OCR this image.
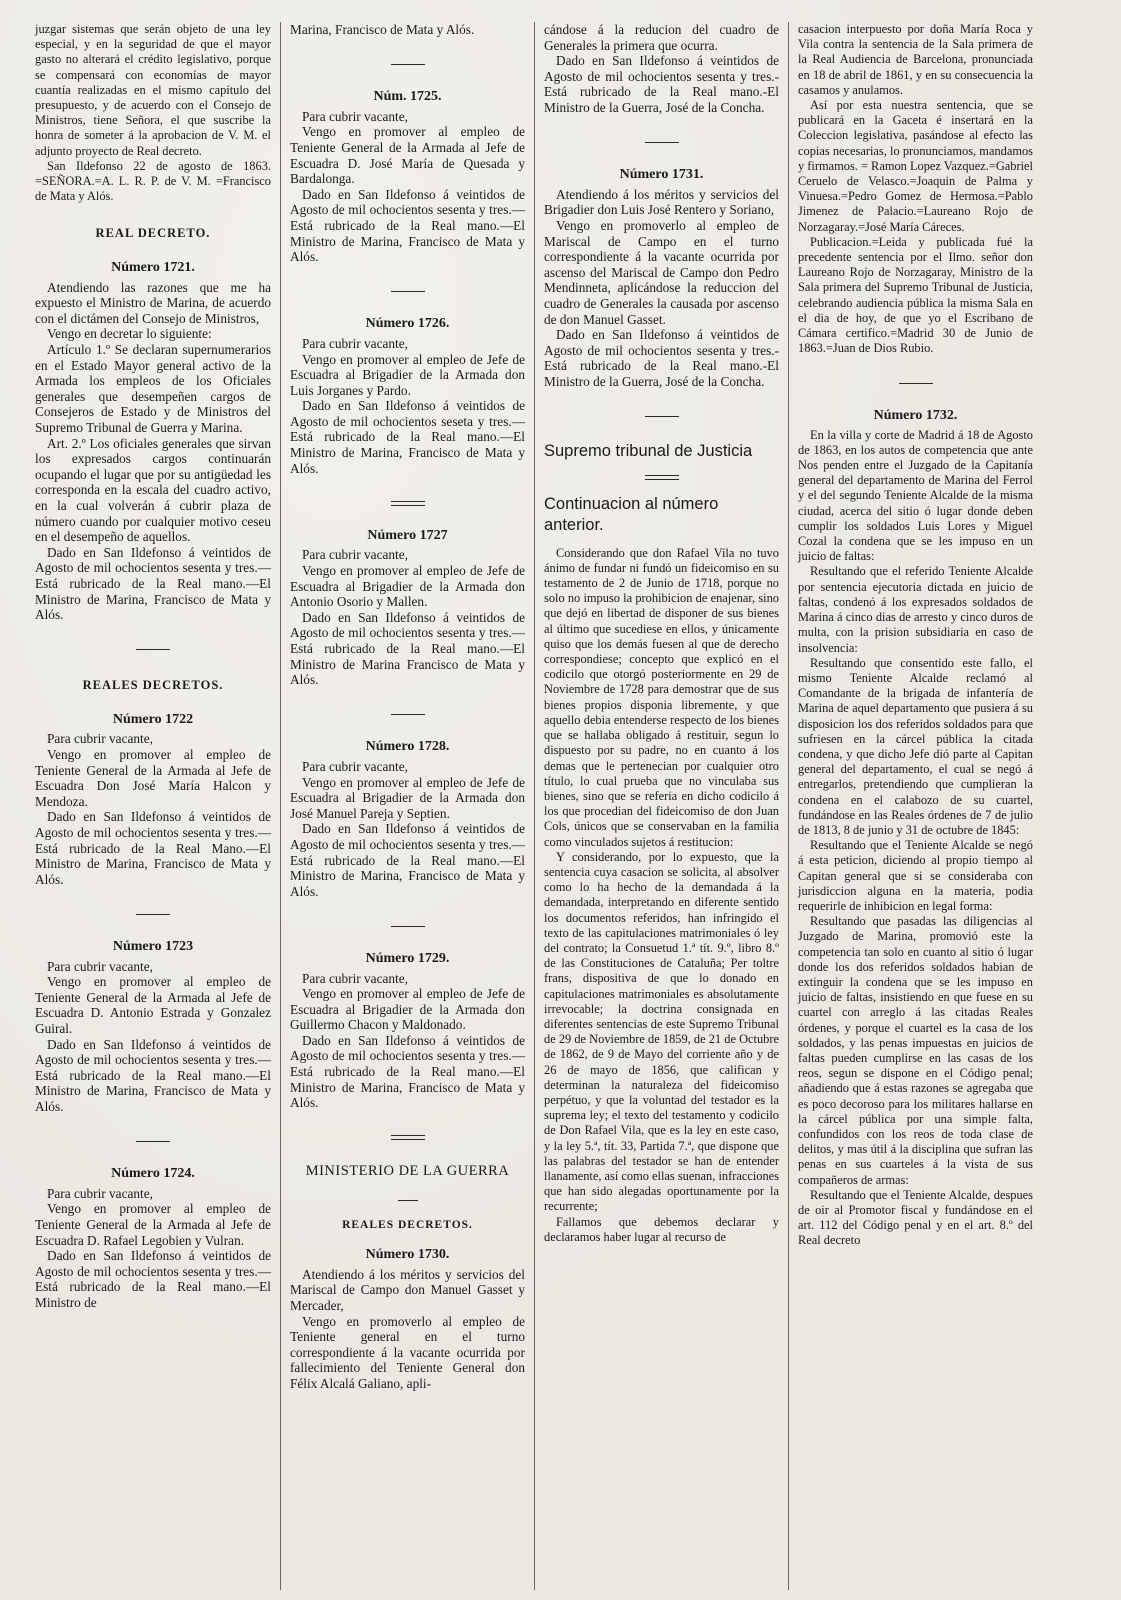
juzgar sistemas que serán objeto de una ley especial, y en la seguridad de que el mayor gasto no alterará el crédito legislativo, porque se compensará con economías de mayor cuantía realizadas en el mismo capítulo del presupuesto, y de acuerdo con el Consejo de Ministros, tiene Señora, el que suscribe la honra de someter á la aprobacion de V. M. el adjunto proyecto de Real decreto.

San Ildefonso 22 de agosto de 1863. =SEÑORA.=A. L. R. P. de V. M. =Francisco de Mata y Alós.

REAL DECRETO.
Número 1721.

Atendiendo las razones que me ha expuesto el Ministro de Marina, de acuerdo con el dictámen del Consejo de Ministros,

Vengo en decretar lo siguiente:

Artículo 1.º Se declaran supernumerarios en el Estado Mayor general activo de la Armada los empleos de los Oficiales generales que desempeñen cargos de Consejeros de Estado y de Ministros del Supremo Tribunal de Guerra y Marina.

Art. 2.º Los oficiales generales que sirvan los expresados cargos continuarán ocupando el lugar que por su antigüedad les corresponda en la escala del cuadro activo, en la cual volverán á cubrir plaza de número cuando por cualquier motivo ceseu en el desempeño de aquellos.

Dado en San Ildefonso á veintidos de Agosto de mil ochocientos sesenta y tres.—Está rubricado de la Real mano.—El Ministro de Marina, Francisco de Mata y Alós.

REALES DECRETOS.
Número 1722

Para cubrir vacante,

Vengo en promover al empleo de Teniente General de la Armada al Jefe de Escuadra Don José María Halcon y Mendoza.

Dado en San Ildefonso á veintidos de Agosto de mil ochocientos sesenta y tres.—Está rubricado de la Real Mano.—El Ministro de Marina, Francisco de Mata y Alós.

Número 1723

Para cubrir vacante,

Vengo en promover al empleo de Teniente General de la Armada al Jefe de Escuadra D. Antonio Estrada y Gonzalez Guiral.

Dado en San Ildefonso á veintidos de Agosto de mil ochocientos sesenta y tres.—Está rubricado de la Real mano.—El Ministro de Marina, Francisco de Mata y Alós.

Número 1724.

Para cubrir vacante,

Vengo en promover al empleo de Teniente General de la Armada al Jefe de Escuadra D. Rafael Legobien y Vulran.

Dado en San Ildefonso á veintidos de Agosto de mil ochocientos sesenta y tres.—Está rubricado de la Real mano.—El Ministro de

Marina, Francisco de Mata y Alós.

Núm. 1725.

Para cubrir vacante,

Vengo en promover al empleo de Teniente General de la Armada al Jefe de Escuadra D. José María de Quesada y Bardalonga.

Dado en San Ildefonso á veintidos de Agosto de mil ochocientos sesenta y tres.—Está rubricado de la Real mano.—El Ministro de Marina, Francisco de Mata y Alós.

Número 1726.

Para cubrir vacante,

Vengo en promover al empleo de Jefe de Escuadra al Brigadier de la Armada don Luis Jorganes y Pardo.

Dado en San Ildefonso á veintidos de Agosto de mil ochocientos seseta y tres.—Está rubricado de la Real mano.—El Ministro de Marina, Francisco de Mata y Alós.

Número 1727

Para cubrir vacante,

Vengo en promover al empleo de Jefe de Escuadra al Brigadier de la Armada don Antonio Osorio y Mallen.

Dado en San Ildefonso á veintidos de Agosto de mil ochocientos sesenta y tres.—Está rubricado de la Real mano.—El Ministro de Marina Francisco de Mata y Alós.

Número 1728.

Para cubrir vacante,

Vengo en promover al empleo de Jefe de Escuadra al Brigadier de la Armada don José Manuel Pareja y Septien.

Dado en San Ildefonso á veintidos de Agosto de mil ochocientos sesenta y tres.—Está rubricado de la Real mano.—El Ministro de Marina, Francisco de Mata y Alós.

Número 1729.

Para cubrir vacante,

Vengo en promover al empleo de Jefe de Escuadra al Brigadier de la Armada don Guillermo Chacon y Maldonado.

Dado en San Ildefonso á veintidos de Agosto de mil ochocientos sesenta y tres.—Está rubricado de la Real mano.—El Ministro de Marina, Francisco de Mata y Alós.

MINISTERIO DE LA GUERRA
REALES DECRETOS.
Número 1730.

Atendiendo á los méritos y servicios del Mariscal de Campo don Manuel Gasset y Mercader,

Vengo en promoverlo al empleo de Teniente general en el turno correspondiente á la vacante ocurrida por fallecimiento del Teniente General don Félix Alcalá Galiano, apli-

cándose á la reducion del cuadro de Generales la primera que ocurra.

Dado en San Ildefonso á veintidos de Agosto de mil ochocientos sesenta y tres.-Está rubricado de la Real mano.-El Ministro de la Guerra, José de la Concha.

Número 1731.

Atendiendo á los méritos y servicios del Brigadier don Luis José Rentero y Soriano,

Vengo en promoverlo al empleo de Mariscal de Campo en el turno correspondiente á la vacante ocurrida por ascenso del Mariscal de Campo don Pedro Mendinneta, aplicándose la reduccion del cuadro de Generales la causada por ascenso de don Manuel Gasset.

Dado en San Ildefonso á veintidos de Agosto de mil ochocientos sesenta y tres.-Está rubricado de la Real mano.-El Ministro de la Guerra, José de la Concha.

Supremo tribunal de Justicia
Continuacion al número anterior.

Considerando que don Rafael Vila no tuvo ánimo de fundar ni fundó un fideicomiso en su testamento de 2 de Junio de 1718, porque no solo no impuso la prohibicion de enajenar, sino que dejó en libertad de disponer de sus bienes al último que sucediese en ellos, y únicamente quiso que los demás fuesen al que de derecho correspondiese; concepto que explicó en el codicilo que otorgó posteriormente en 29 de Noviembre de 1728 para demostrar que de sus bienes propios disponia libremente, y que aquello debia entenderse respecto de los bienes que se hallaba obligado á restituir, segun lo dispuesto por su padre, no en cuanto á los demas que le pertenecian por cualquier otro título, lo cual prueba que no vinculaba sus bienes, sino que se referia en dicho codicilo á los que procedian del fideicomiso de don Juan Cols, únicos que se conservaban en la familia como vinculados sujetos á restitucion:

Y considerando, por lo expuesto, que la sentencia cuya casacion se solicita, al absolver como lo ha hecho de la demandada á la demandada, interpretando en diferente sentido los documentos referidos, han infringido el texto de las capitulaciones matrimoniales ó ley del contrato; la Consuetud 1.ª tít. 9.º, libro 8.º de las Constituciones de Cataluña; Per toltre frans, dispositiva de que lo donado en capitulaciones matrimoniales es absolutamente irrevocable; la doctrina consignada en diferentes sentencias de este Supremo Tribunal de 29 de Noviembre de 1859, de 21 de Octubre de 1862, de 9 de Mayo del corriente año y de 26 de mayo de 1856, que califican y determinan la naturaleza del fideicomiso perpétuo, y que la voluntad del testador es la suprema ley; el texto del testamento y codicilo de Don Rafael Vila, que es la ley en este caso, y la ley 5.ª, tít. 33, Partida 7.ª, que dispone que las palabras del testador se han de entender llanamente, así como ellas suenan, infracciones que han sido alegadas oportunamente por la recurrente;

Fallamos que debemos declarar y declaramos haber lugar al recurso de

casacion interpuesto por doña María Roca y Vila contra la sentencia de la Sala primera de la Real Audiencia de Barcelona, pronunciada en 18 de abril de 1861, y en su consecuencia la casamos y anulamos.

Así por esta nuestra sentencia, que se publicará en la Gaceta é insertará en la Coleccion legislativa, pasándose al efecto las copias necesarias, lo pronunciamos, mandamos y firmamos. = Ramon Lopez Vazquez.=Gabriel Ceruelo de Velasco.=Joaquin de Palma y Vinuesa.=Pedro Gomez de Hermosa.=Pablo Jimenez de Palacio.=Laureano Rojo de Norzagaray.=José María Cáreces.

Publicacion.=Leida y publicada fué la precedente sentencia por el Ilmo. señor don Laureano Rojo de Norzagaray, Ministro de la Sala primera del Supremo Tribunal de Justicia, celebrando audiencia pública la misma Sala en el dia de hoy, de que yo el Escribano de Cámara certifico.=Madrid 30 de Junio de 1863.=Juan de Dios Rubio.

Número 1732.

En la villa y corte de Madrid á 18 de Agosto de 1863, en los autos de competencia que ante Nos penden entre el Juzgado de la Capitanía general del departamento de Marina del Ferrol y el del segundo Teniente Alcalde de la misma ciudad, acerca del sitio ó lugar donde deben cumplir los soldados Luis Lores y Miguel Cozal la condena que se les impuso en un juicio de faltas:

Resultando que el referido Teniente Alcalde por sentencia ejecutoria dictada en juicio de faltas, condenó á los expresados soldados de Marina á cinco dias de arresto y cinco duros de multa, con la prision subsidiaria en caso de insolvencia:

Resultando que consentido este fallo, el mismo Teniente Alcalde reclamó al Comandante de la brigada de infantería de Marina de aquel departamento que pusiera á su disposicion los dos referidos soldados para que sufriesen en la cárcel pública la citada condena, y que dicho Jefe dió parte al Capitan general del departamento, el cual se negó á entregarlos, pretendiendo que cumplieran la condena en el calabozo de su cuartel, fundándose en las Reales órdenes de 7 de julio de 1813, 8 de junio y 31 de octubre de 1845:

Resultando que el Teniente Alcalde se negó á esta peticion, diciendo al propio tiempo al Capitan general que si se consideraba con jurisdiccion alguna en la materia, podia requerirle de inhibicion en legal forma:

Resultando que pasadas las diligencias al Juzgado de Marina, promovió este la competencia tan solo en cuanto al sitio ó lugar donde los dos referidos soldados habian de extinguir la condena que se les impuso en juicio de faltas, insistiendo en que fuese en su cuartel con arreglo á las citadas Reales órdenes, y porque el cuartel es la casa de los soldados, y las penas impuestas en juicios de faltas pueden cumplirse en las casas de los reos, segun se dispone en el Código penal; añadiendo que á estas razones se agregaba que es poco decoroso para los militares hallarse en la cárcel pública por una simple falta, confundidos con los reos de toda clase de delitos, y mas útil á la disciplina que sufran las penas en sus cuarteles á la vista de sus compañeros de armas:

Resultando que el Teniente Alcalde, despues de oir al Promotor fiscal y fundándose en el art. 112 del Código penal y en el art. 8.º del Real decreto
